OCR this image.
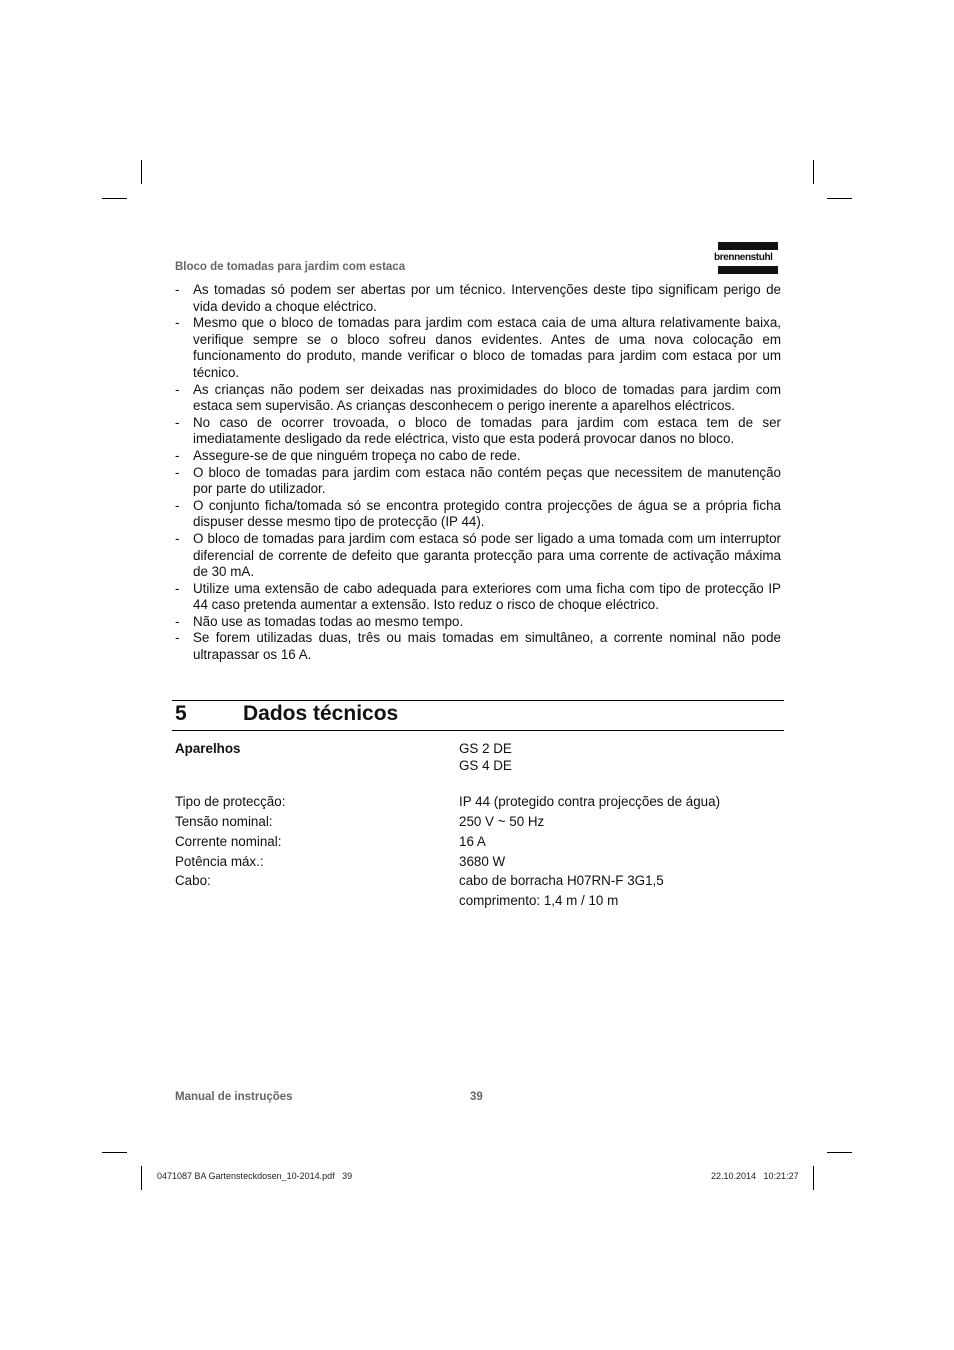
brennenstuhl
Bloco de tomadas para jardim com estaca
- As tomadas só podem ser abertas por um técnico. Intervenções deste tipo significam perigo de vida devido a choque eléctrico.
- Mesmo que o bloco de tomadas para jardim com estaca caia de uma altura relativamente baixa, verifique sempre se o bloco sofreu danos evidentes. Antes de uma nova colocação em funcionamento do produto, mande verificar o bloco de tomadas para jardim com estaca por um técnico.
- As crianças não podem ser deixadas nas proximidades do bloco de tomadas para jardim com estaca sem supervisão. As crianças desconhecem o perigo inerente a aparelhos eléctricos.
- No caso de ocorrer trovoada, o bloco de tomadas para jardim com estaca tem de ser imediatamente desligado da rede eléctrica, visto que esta poderá provocar danos no bloco.
- Assegure-se de que ninguém tropeça no cabo de rede.
- O bloco de tomadas para jardim com estaca não contém peças que necessitem de manutenção por parte do utilizador.
- O conjunto ficha/tomada só se encontra protegido contra projecções de água se a própria ficha dispuser desse mesmo tipo de protecção (IP 44).
- O bloco de tomadas para jardim com estaca só pode ser ligado a uma tomada com um interruptor diferencial de corrente de defeito que garanta protecção para uma corrente de activação máxima de 30 mA.
- Utilize uma extensão de cabo adequada para exteriores com uma ficha com tipo de protecção IP 44 caso pretenda aumentar a extensão. Isto reduz o risco de choque eléctrico.
- Não use as tomadas todas ao mesmo tempo.
- Se forem utilizadas duas, três ou mais tomadas em simultâneo, a corrente nominal não pode ultrapassar os 16 A.
5	Dados técnicos
Aparelhos	GS 2 DE
GS 4 DE
Tipo de protecção:	IP 44 (protegido contra projecções de água)
Tensão nominal:	250 V ~ 50 Hz
Corrente nominal:	16 A
Potência máx.:	3680 W
Cabo:	cabo de borracha H07RN-F 3G1,5
comprimento: 1,4 m / 10 m
Manual de instruções	39
0471087 BA Gartensteckdosen_10-2014.pdf   39	22.10.2014   10:21:27
